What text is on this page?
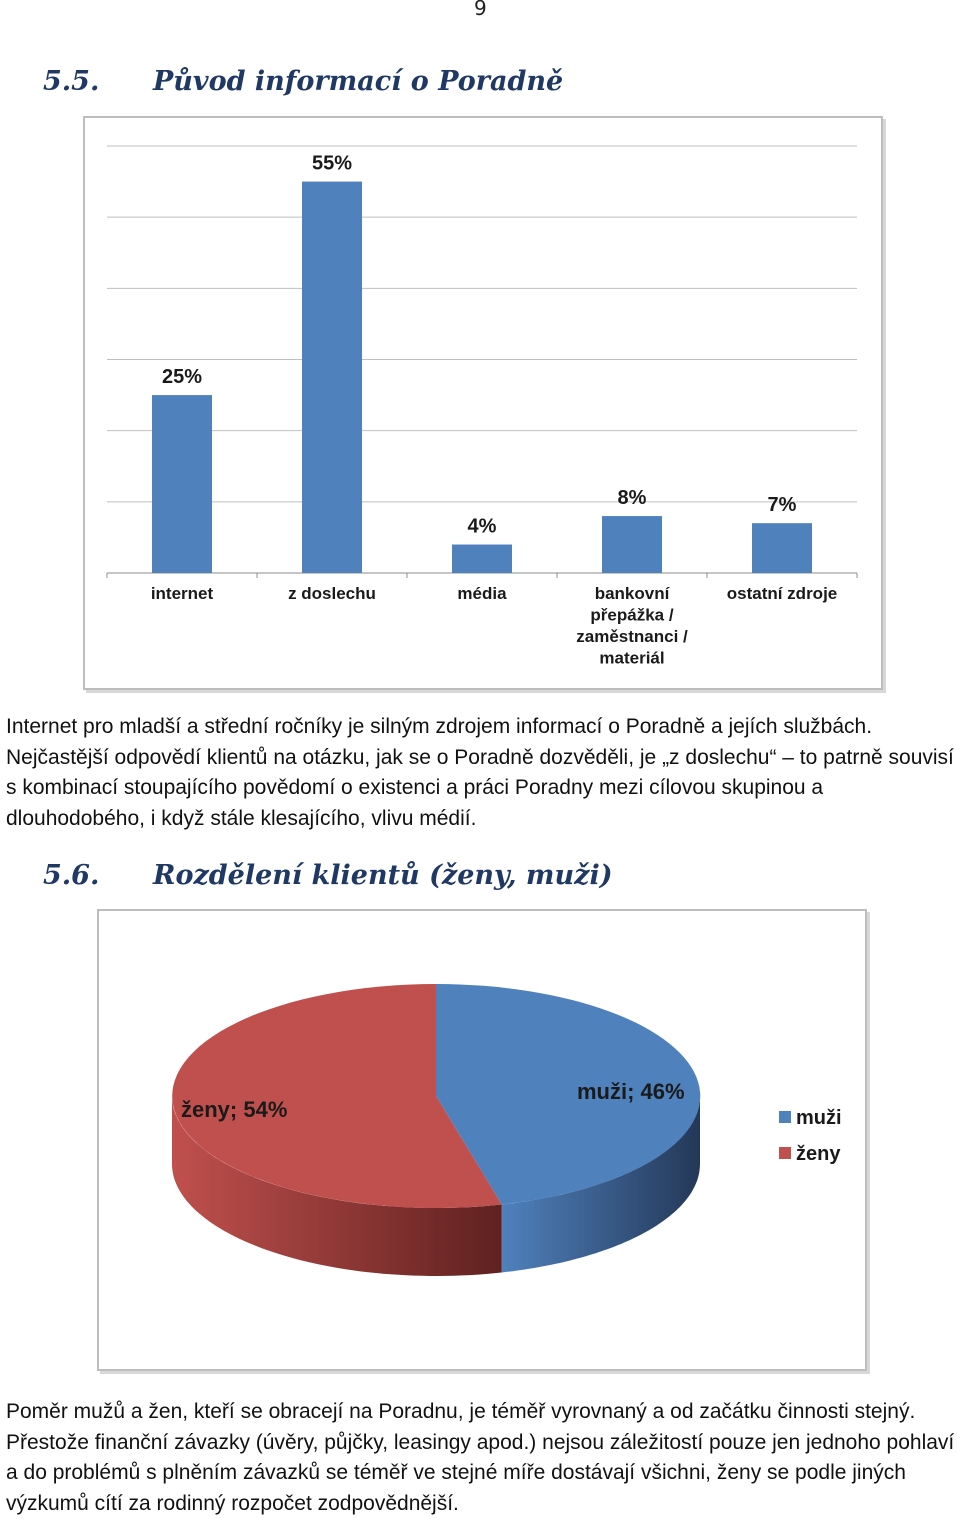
9
5.5. Původ informací o Poradně
25%
internet
55%
z doslechu
4%
média
8%
bankovní přepážka / zaměstnanci / materiál
7%
ostatní zdroje
Internet pro mladší a střední ročníky je silným zdrojem informací o Poradně a jejích službách. Nejčastější odpovědí klientů na otázku, jak se o Poradně dozvěděli, je „z doslechu“ – to patrně souvisí s kombinací stoupajícího povědomí o existenci a práci Poradny mezi cílovou skupinou a dlouhodobého, i když stále klesajícího, vlivu médií.
5.6. Rozdělení klientů (ženy, muži)
muži; 46%
ženy; 54%	muži
ženy
Poměr mužů a žen, kteří se obracejí na Poradnu, je téměř vyrovnaný a od začátku činnosti stejný. Přestože finanční závazky (úvěry, půjčky, leasingy apod.) nejsou záležitostí pouze jen jednoho pohlaví a do problémů s plněním závazků se téměř ve stejné míře dostávají všichni, ženy se podle jiných výzkumů cítí za rodinný rozpočet zodpovědnější.
